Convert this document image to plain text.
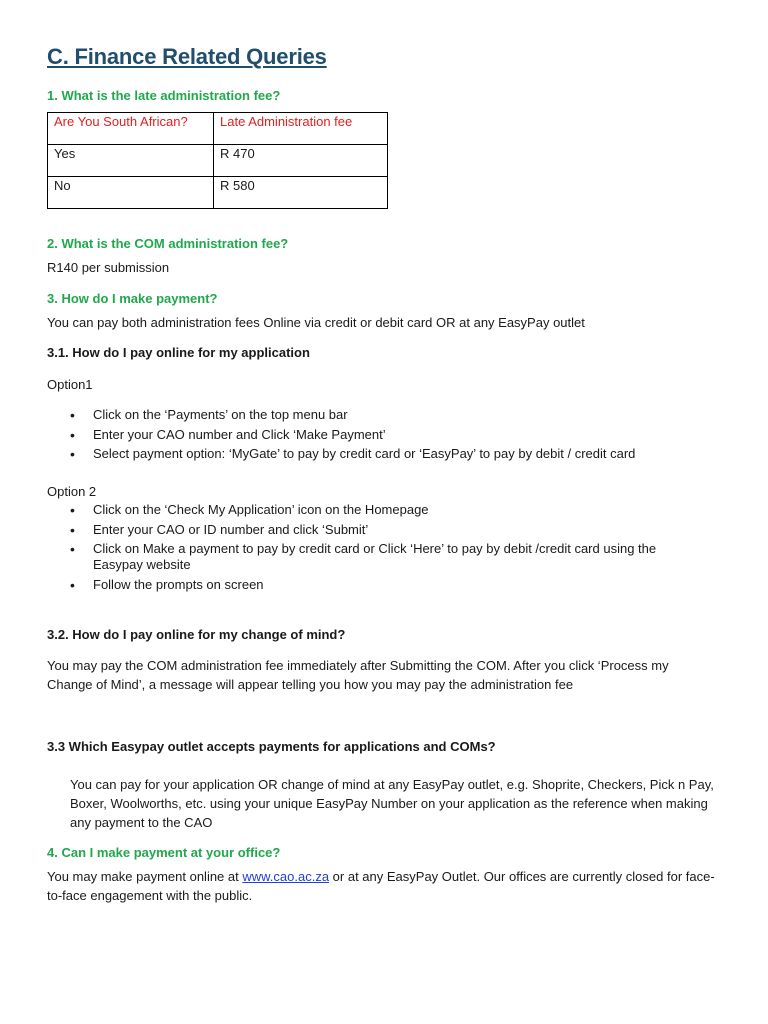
C. Finance Related Queries
1. What is the late administration fee?
Are You South African?	Late Administration fee
Yes	R 470
No	R 580
2. What is the COM administration fee?
R140 per submission
3. How do I make payment?
You can pay both administration fees Online via credit or debit card OR at any EasyPay outlet
3.1. How do I pay online for my application
Option1
• Click on the ‘Payments’ on the top menu bar
• Enter your CAO number and Click ‘Make Payment’
• Select payment option: ‘MyGate’ to pay by credit card or ‘EasyPay’ to pay by debit / credit card
Option 2
• Click on the ‘Check My Application’ icon on the Homepage
• Enter your CAO or ID number and click ‘Submit’
• Click on Make a payment to pay by credit card or Click ‘Here’ to pay by debit /credit card using the Easypay website
• Follow the prompts on screen
3.2. How do I pay online for my change of mind?
You may pay the COM administration fee immediately after Submitting the COM. After you click ‘Process my Change of Mind’, a message will appear telling you how you may pay the administration fee
3.3 Which Easypay outlet accepts payments for applications and COMs?
You can pay for your application OR change of mind at any EasyPay outlet, e.g. Shoprite, Checkers, Pick n Pay, Boxer, Woolworths, etc. using your unique EasyPay Number on your application as the reference when making any payment to the CAO
4. Can I make payment at your office?
You may make payment online at www.cao.ac.za or at any EasyPay Outlet. Our offices are currently closed for face-to-face engagement with the public.
